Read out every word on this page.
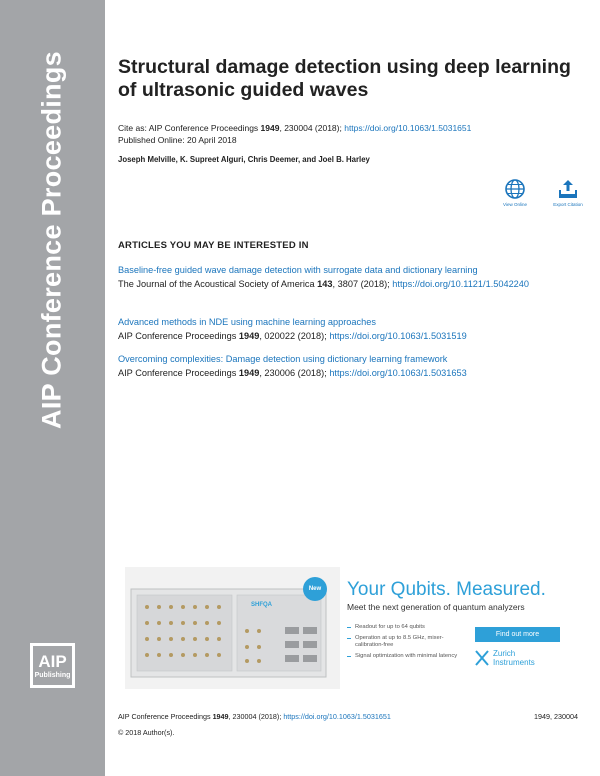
AIP Conference Proceedings
AIP
Publishing
Structural damage detection using deep learning of ultrasonic guided waves
Cite as: AIP Conference Proceedings 1949, 230004 (2018); https://doi.org/10.1063/1.5031651
Published Online: 20 April 2018
Joseph Melville, K. Supreet Alguri, Chris Deemer, and Joel B. Harley
View Online	Export Citation
ARTICLES YOU MAY BE INTERESTED IN
Baseline-free guided wave damage detection with surrogate data and dictionary learning
The Journal of the Acoustical Society of America 143, 3807 (2018); https://doi.org/10.1121/1.5042240
Advanced methods in NDE using machine learning approaches
AIP Conference Proceedings 1949, 020022 (2018); https://doi.org/10.1063/1.5031519
Overcoming complexities: Damage detection using dictionary learning framework
AIP Conference Proceedings 1949, 230006 (2018); https://doi.org/10.1063/1.5031653
SHFQA
New	Your Qubits. Measured.
Meet the next generation of quantum analyzers
Readout for up to 64 qubits
Operation at up to 8.5 GHz, mixer-calibration-free
Signal optimization with minimal latency
Find out more
Zurich
Instruments
AIP Conference Proceedings 1949, 230004 (2018); https://doi.org/10.1063/1.5031651	1949, 230004
© 2018 Author(s).
